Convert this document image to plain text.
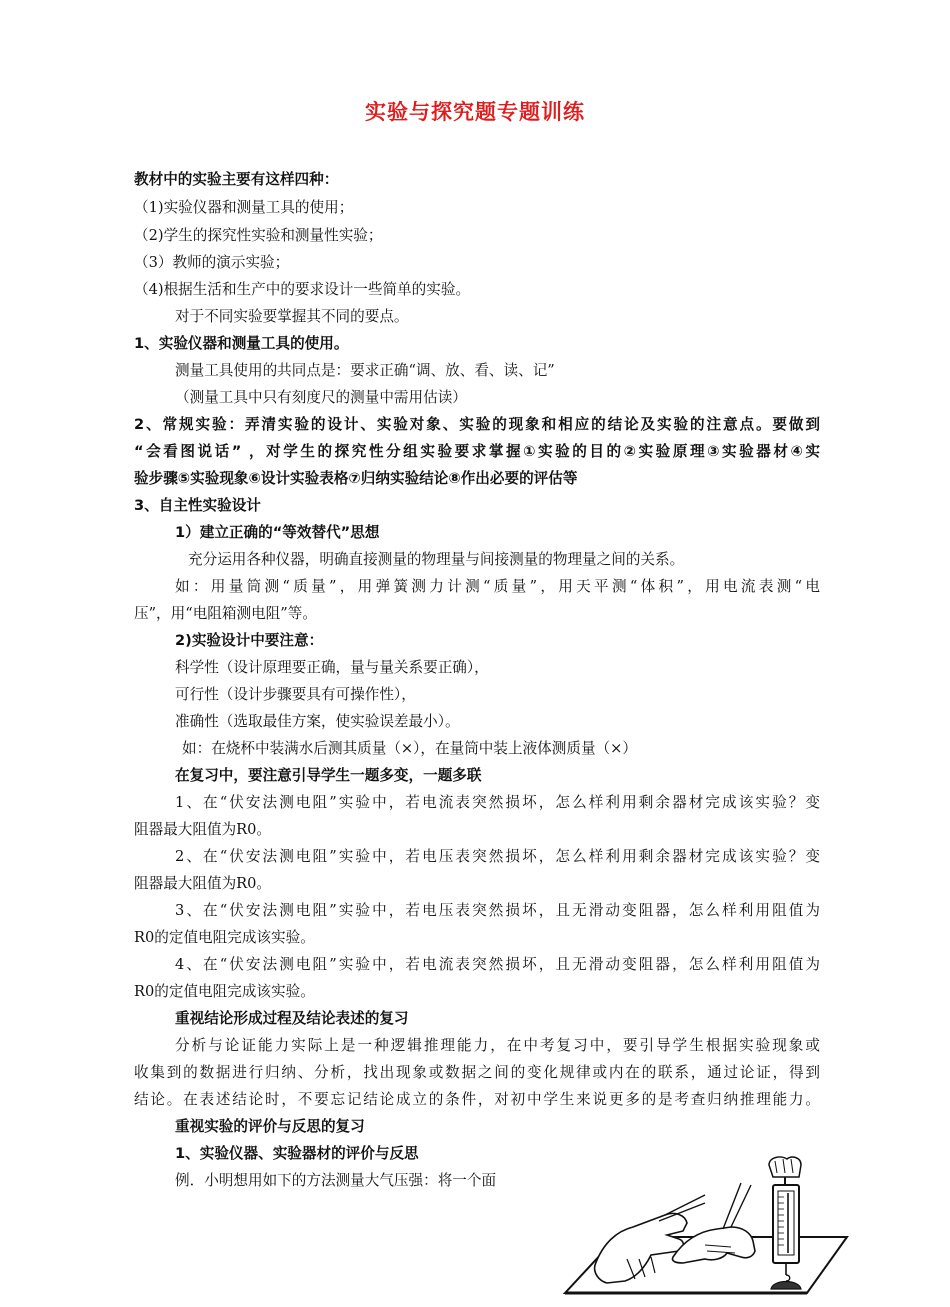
实验与探究题专题训练
教材中的实验主要有这样四种：
（1)实验仪器和测量工具的使用；
（2)学生的探究性实验和测量性实验；
（3）教师的演示实验；
（4)根据生活和生产中的要求设计一些简单的实验。
对于不同实验要掌握其不同的要点。
1、实验仪器和测量工具的使用。
测量工具使用的共同点是：要求正确“调、放、看、读、记”
（测量工具中只有刻度尺的测量中需用估读）
2、常规实验：弄清实验的设计、实验对象、实验的现象和相应的结论及实验的注意点。要做到
“会看图说话” ，对学生的探究性分组实验要求掌握①实验的目的②实验原理③实验器材④实
验步骤⑤实验现象⑥设计实验表格⑦归纳实验结论⑧作出必要的评估等
3、自主性实验设计
1）建立正确的“等效替代”思想
充分运用各种仪器，明确直接测量的物理量与间接测量的物理量之间的关系。
如：用量筒测“质量”，用弹簧测力计测“质量”，用天平测“体积”，用电流表测“电
压”，用“电阻箱测电阻”等。
2)实验设计中要注意：
科学性（设计原理要正确，量与量关系要正确），
可行性（设计步骤要具有可操作性），
准确性（选取最佳方案，使实验误差最小）。
如：在烧杯中装满水后测其质量（×），在量筒中装上液体测质量（×）
在复习中，要注意引导学生一题多变，一题多联
1、在“伏安法测电阻”实验中，若电流表突然损坏，怎么样利用剩余器材完成该实验？变
阻器最大阻值为R0。
2、在“伏安法测电阻”实验中，若电压表突然损坏，怎么样利用剩余器材完成该实验？变
阻器最大阻值为R0。
3、在“伏安法测电阻”实验中，若电压表突然损坏，且无滑动变阻器，怎么样利用阻值为
R0的定值电阻完成该实验。
4、在“伏安法测电阻”实验中，若电流表突然损坏，且无滑动变阻器，怎么样利用阻值为
R0的定值电阻完成该实验。
重视结论形成过程及结论表述的复习
分析与论证能力实际上是一种逻辑推理能力，在中考复习中，要引导学生根据实验现象或
收集到的数据进行归纳、分析，找出现象或数据之间的变化规律或内在的联系，通过论证，得到
结论。在表述结论时，不要忘记结论成立的条件，对初中学生来说更多的是考查归纳推理能力。
重视实验的评价与反思的复习
1、实验仪器、实验器材的评价与反思
例．小明想用如下的方法测量大气压强：将一个面
